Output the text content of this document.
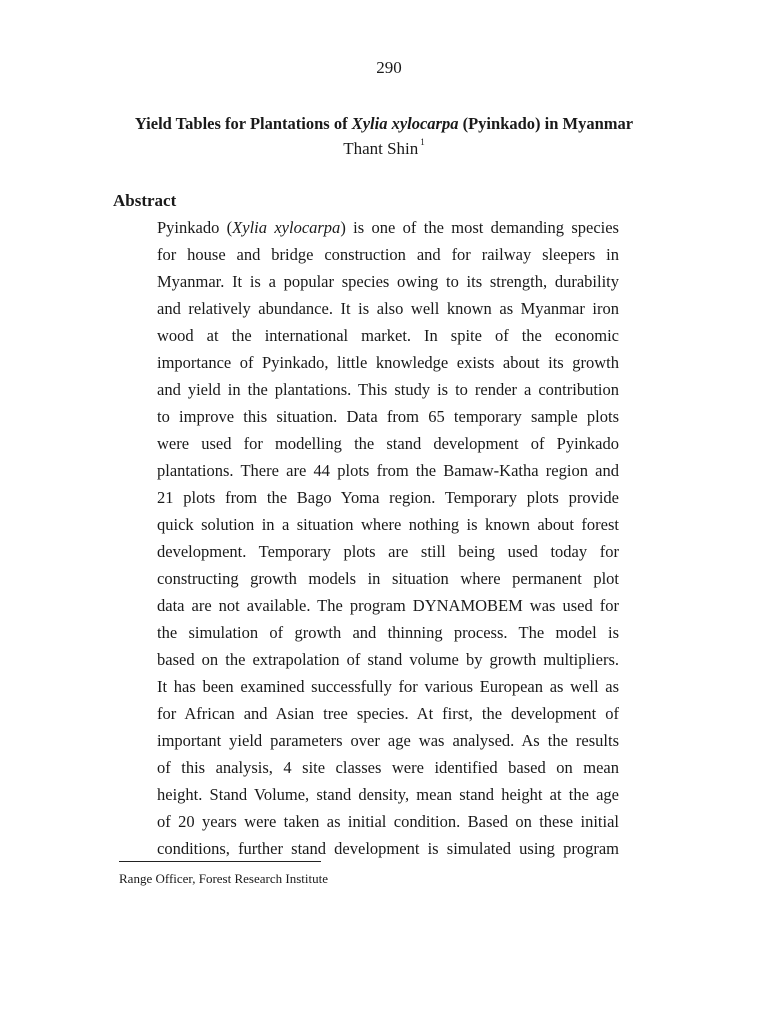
290
Yield Tables for Plantations of Xylia xylocarpa (Pyinkado) in Myanmar
Thant Shin $^1$
Abstract
Pyinkado (Xylia xylocarpa) is one of the most demanding species
for house and bridge construction and for railway sleepers in
Myanmar. It is a popular species owing to its strength, durability
and relatively abundance. It is also well known as Myanmar iron
wood at the international market. In spite of the economic
importance of Pyinkado, little knowledge exists about its growth
and yield in the plantations. This study is to render a contribution
to improve this situation. Data from 65 temporary sample plots
were used for modelling the stand development of Pyinkado
plantations. There are 44 plots from the Bamaw-Katha region and
21 plots from the Bago Yoma region. Temporary plots provide
quick solution in a situation where nothing is known about forest
development. Temporary plots are still being used today for
constructing growth models in situation where permanent plot
data are not available. The program DYNAMOBEM was used for
the simulation of growth and thinning process. The model is
based on the extrapolation of stand volume by growth multipliers.
It has been examined successfully for various European as well as
for African and Asian tree species. At first, the development of
important yield parameters over age was analysed. As the results
of this analysis, 4 site classes were identified based on mean
height. Stand Volume, stand density, mean stand height at the age
of 20 years were taken as initial condition. Based on these initial
conditions, further stand development is simulated using program
Range Officer, Forest Research Institute
